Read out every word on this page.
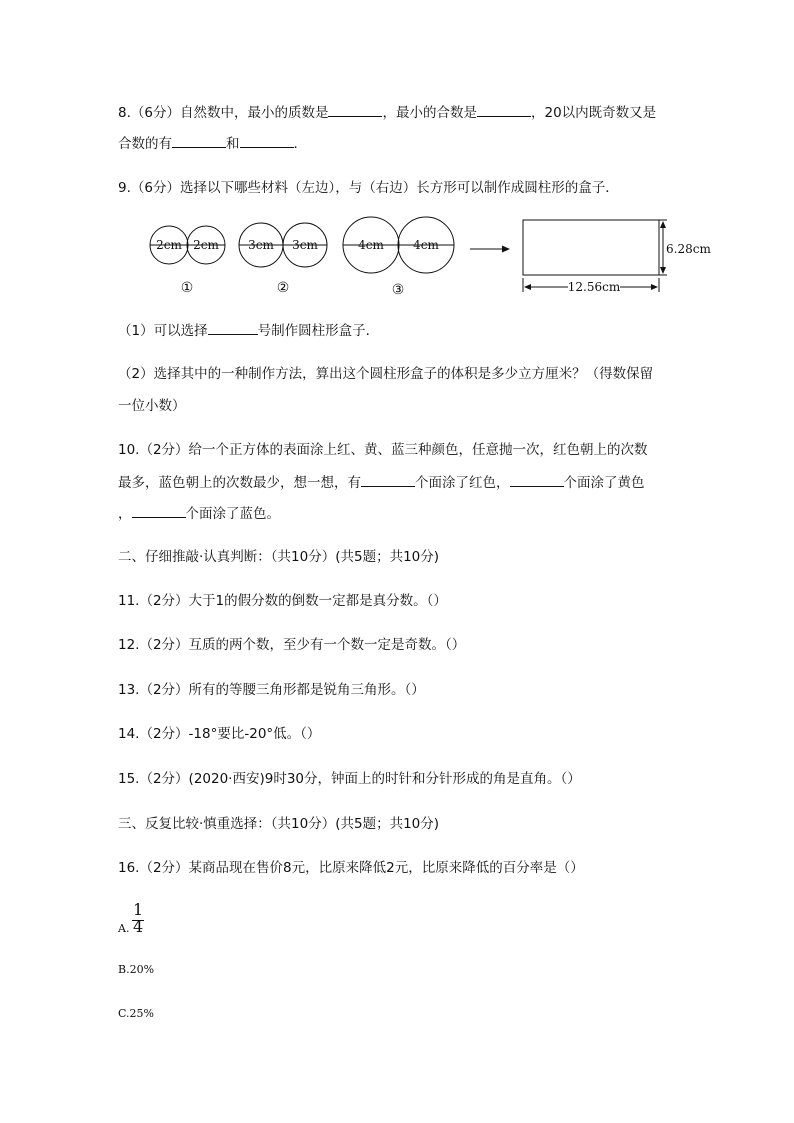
8.（6分）自然数中，最小的质数是	，最小的合数是	，20以内既奇数又是
合数的有	和	.
9.（6分）选择以下哪些材料（左边），与（右边）长方形可以制作成圆柱形的盒子．
2cm 2cm
①
3cm 3cm
②
4cm 4cm
③
6.28cm
12.56cm
（1）可以选择	号制作圆柱形盒子．
（2）选择其中的一种制作方法，算出这个圆柱形盒子的体积是多少立方厘米？（得数保留
一位小数）
10.（2分）给一个正方体的表面涂上红、黄、蓝三种颜色，任意抛一次，红色朝上的次数
最多，蓝色朝上的次数最少，想一想，有	个面涂了红色，	个面涂了黄色
，	个面涂了蓝色。
二、仔细推敲·认真判断：（共10分）(共5题；共10分)
11.（2分）大于1的假分数的倒数一定都是真分数。（）
12.（2分）互质的两个数，至少有一个数一定是奇数。（）
13.（2分）所有的等腰三角形都是锐角三角形。（）
14.（2分）-18°要比-20°低。（）
15.（2分）(2020·西安)9时30分，钟面上的时针和分针形成的角是直角。（）
三、反复比较·慎重选择：（共10分）(共5题；共10分)
16.（2分）某商品现在售价8元，比原来降低2元，比原来降低的百分率是（）
A.
1
4
B.20%
C.25%
